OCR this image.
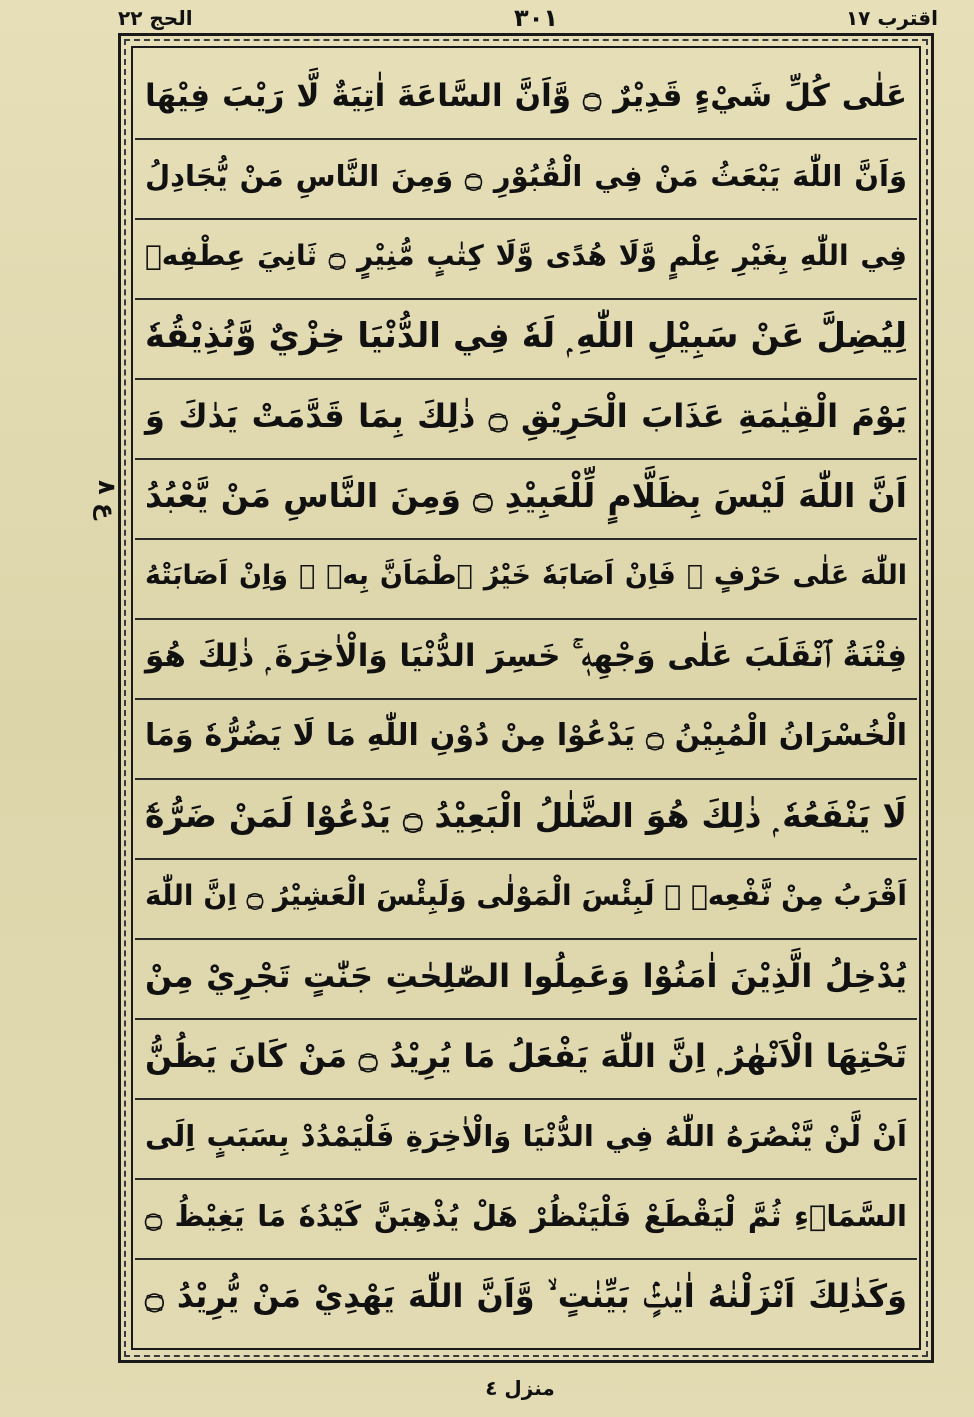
اقترب ١٧
٣٠١
الحج ٢٢
ع ٨
عَلٰى كُلِّ شَيْءٍ قَدِيْرٌ ۝ وَّاَنَّ السَّاعَةَ اٰتِيَةٌ لَّا رَيْبَ فِيْهَا
وَاَنَّ اللّٰهَ يَبْعَثُ مَنْ فِي الْقُبُوْرِ ۝ وَمِنَ النَّاسِ مَنْ يُّجَادِلُ
فِي اللّٰهِ بِغَيْرِ عِلْمٍ وَّلَا هُدًى وَّلَا كِتٰبٍ مُّنِيْرٍ ۝ ثَانِيَ عِطْفِهٖ
لِيُضِلَّ عَنْ سَبِيْلِ اللّٰهِ ۭ لَهٗ فِي الدُّنْيَا خِزْيٌ وَّنُذِيْقُهٗ
يَوْمَ الْقِيٰمَةِ عَذَابَ الْحَرِيْقِ ۝ ذٰلِكَ بِمَا قَدَّمَتْ يَدٰكَ وَ
اَنَّ اللّٰهَ لَيْسَ بِظَلَّامٍ لِّلْعَبِيْدِ ۝ وَمِنَ النَّاسِ مَنْ يَّعْبُدُ
اللّٰهَ عَلٰى حَرْفٍ ۚ فَاِنْ اَصَابَهٗ خَيْرُ ٱطْمَاَنَّ بِهٖ ۚ وَاِنْ اَصَابَتْهُ
فِتْنَةُ ٱنْقَلَبَ عَلٰى وَجْهِهٖ ۚ خَسِرَ الدُّنْيَا وَالْاٰخِرَةَ ۭ ذٰلِكَ هُوَ
الْخُسْرَانُ الْمُبِيْنُ ۝ يَدْعُوْا مِنْ دُوْنِ اللّٰهِ مَا لَا يَضُرُّهٗ وَمَا
لَا يَنْفَعُهٗ ۭ ذٰلِكَ هُوَ الضَّلٰلُ الْبَعِيْدُ ۝ يَدْعُوْا لَمَنْ ضَرُّهٗٓ
اَقْرَبُ مِنْ نَّفْعِهٖ ۭ لَبِئْسَ الْمَوْلٰى وَلَبِئْسَ الْعَشِيْرُ ۝ اِنَّ اللّٰهَ
يُدْخِلُ الَّذِيْنَ اٰمَنُوْا وَعَمِلُوا الصّٰلِحٰتِ جَنّٰتٍ تَجْرِيْ مِنْ
تَحْتِهَا الْاَنْهٰرُ ۭ اِنَّ اللّٰهَ يَفْعَلُ مَا يُرِيْدُ ۝ مَنْ كَانَ يَظُنُّ
اَنْ لَّنْ يَّنْصُرَهُ اللّٰهُ فِي الدُّنْيَا وَالْاٰخِرَةِ فَلْيَمْدُدْ بِسَبَبٍ اِلَى
السَّمَاۗءِ ثُمَّ لْيَقْطَعْ فَلْيَنْظُرْ هَلْ يُذْهِبَنَّ كَيْدُهٗ مَا يَغِيْظُ ۝
وَكَذٰلِكَ اَنْزَلْنٰهُ اٰيٰتٍۢ بَيِّنٰتٍ ۙ وَّاَنَّ اللّٰهَ يَهْدِيْ مَنْ يُّرِيْدُ ۝
منزل ٤
